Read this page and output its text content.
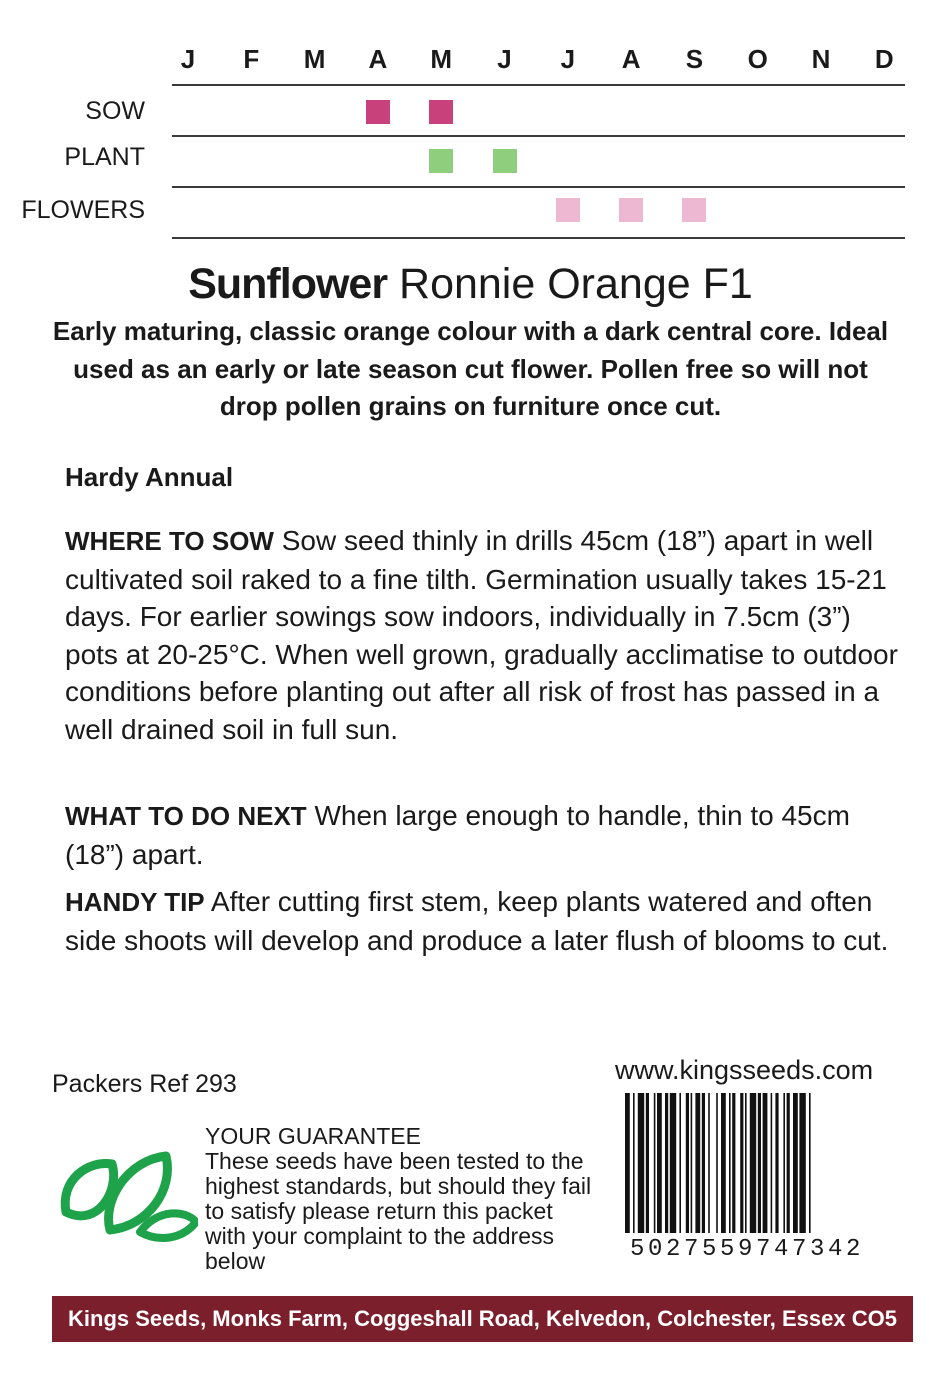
J	F	M	A	M	J	J	A	S	O	N	D
SOW
PLANT
FLOWERS
Sunflower Ronnie Orange F1
Early maturing, classic orange colour with a dark central core. Ideal used as an early or late season cut flower. Pollen free so will not drop pollen grains on furniture once cut.
Hardy Annual
WHERE TO SOW Sow seed thinly in drills 45cm (18”) apart in well cultivated soil raked to a fine tilth. Germination usually takes 15-21 days. For earlier sowings sow indoors, individually in 7.5cm (3”) pots at 20-25°C. When well grown, gradually acclimatise to outdoor conditions before planting out after all risk of frost has passed in a well drained soil in full sun.
WHAT TO DO NEXT When large enough to handle, thin to 45cm (18”) apart.
HANDY TIP After cutting first stem, keep plants watered and often side shoots will develop and produce a later flush of blooms to cut.
Packers Ref 293	www.kingsseeds.com
YOUR GUARANTEE
These seeds have been tested to the highest standards, but should they fail to satisfy please return this packet with your complaint to the address below	5027559747342
Kings Seeds, Monks Farm, Coggeshall Road, Kelvedon, Colchester, Essex CO5 9PG
